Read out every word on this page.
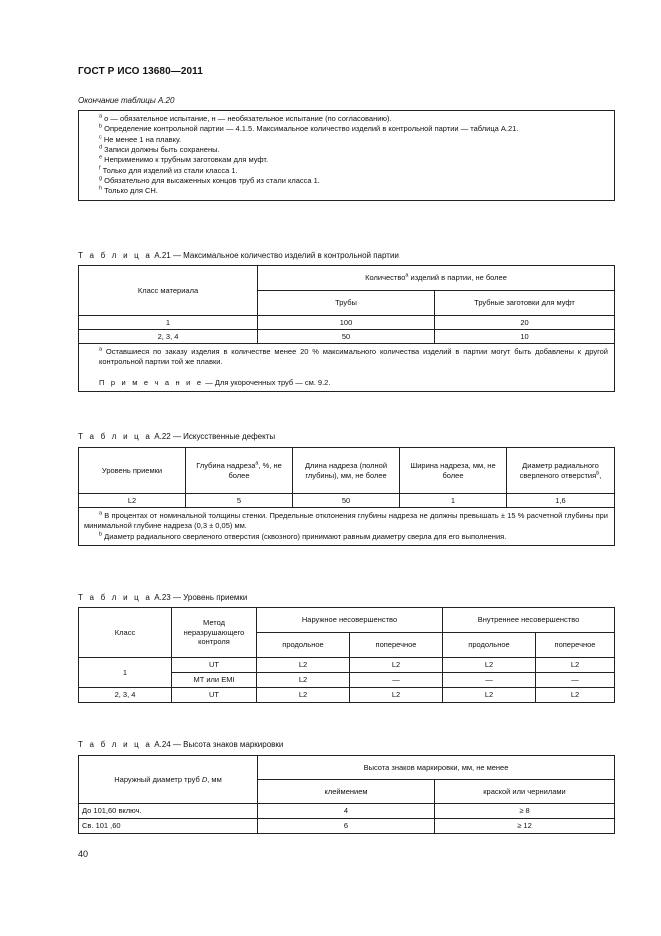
ГОСТ Р ИСО 13680—2011
Окончание таблицы А.20
$^a$ о — обязательное испытание, н — необязательное испытание (по согласованию).
$^b$ Определение контрольной партии — 4.1.5. Максимальное количество изделий в контрольной партии — таблица А.21.
$^c$ Не менее 1 на плавку.
$^d$ Записи должны быть сохранены.
$^e$ Неприменимо к трубным заготовкам для муфт.
$^f$ Только для изделий из стали класса 1.
$^g$ Обязательно для высаженных концов труб из стали класса 1.
$^h$ Только для СН.
Т а б л и ц а А.21 — Максимальное количество изделий в контрольной партии
Класс материала	Количество$^a$ изделий в партии, не более	
	Трубы	Трубные заготовки для муфт
1	100	20
2, 3, 4	50	10

$^a$ Оставшиеся по заказу изделия в количестве менее 20 % максимального количества изделий в партии могут быть добавлены к другой контрольной партии той же плавки.
П р и м е ч а н и е — Для укороченных труб — см. 9.2.		
Т а б л и ц а А.22 — Искусственные дефекты
Уровень приемки	Глубина надреза$^a$, %, не более	Длина надреза (полной глубины), мм, не более	Ширина надреза, мм, не более	Диаметр радиального сверленого отверстия$^b$,
L2	5	50	1	1,6

$^a$ В процентах от номинальной толщины стенки. Предельные отклонения глубины надреза не должны превышать ± 15 % расчетной глубины при минимальной глубине надреза (0,3 ± 0,05) мм.
$^b$ Диаметр радиального сверленого отверстия (сквозного) принимают равным диаметру сверла для его выполнения.				
Т а б л и ц а А.23 — Уровень приемки
Класс	Метод неразрушающего контроля	Наружное несовершенство		Внутреннее несовершенство	
		продольное	поперечное	продольное	поперечное
1	UT	L2	L2	L2	L2
	МТ или EMI	L2	—	—	—
2, 3, 4	UT	L2	L2	L2	L2
Т а б л и ц а А.24 — Высота знаков маркировки
Наружный диаметр труб D, мм	Высота знаков маркировки, мм, не менее	
	клеймением	краской или чернилами
До 101,60 включ.	4	≥ 8
Св. 101 ,60	6	≥ 12
40
